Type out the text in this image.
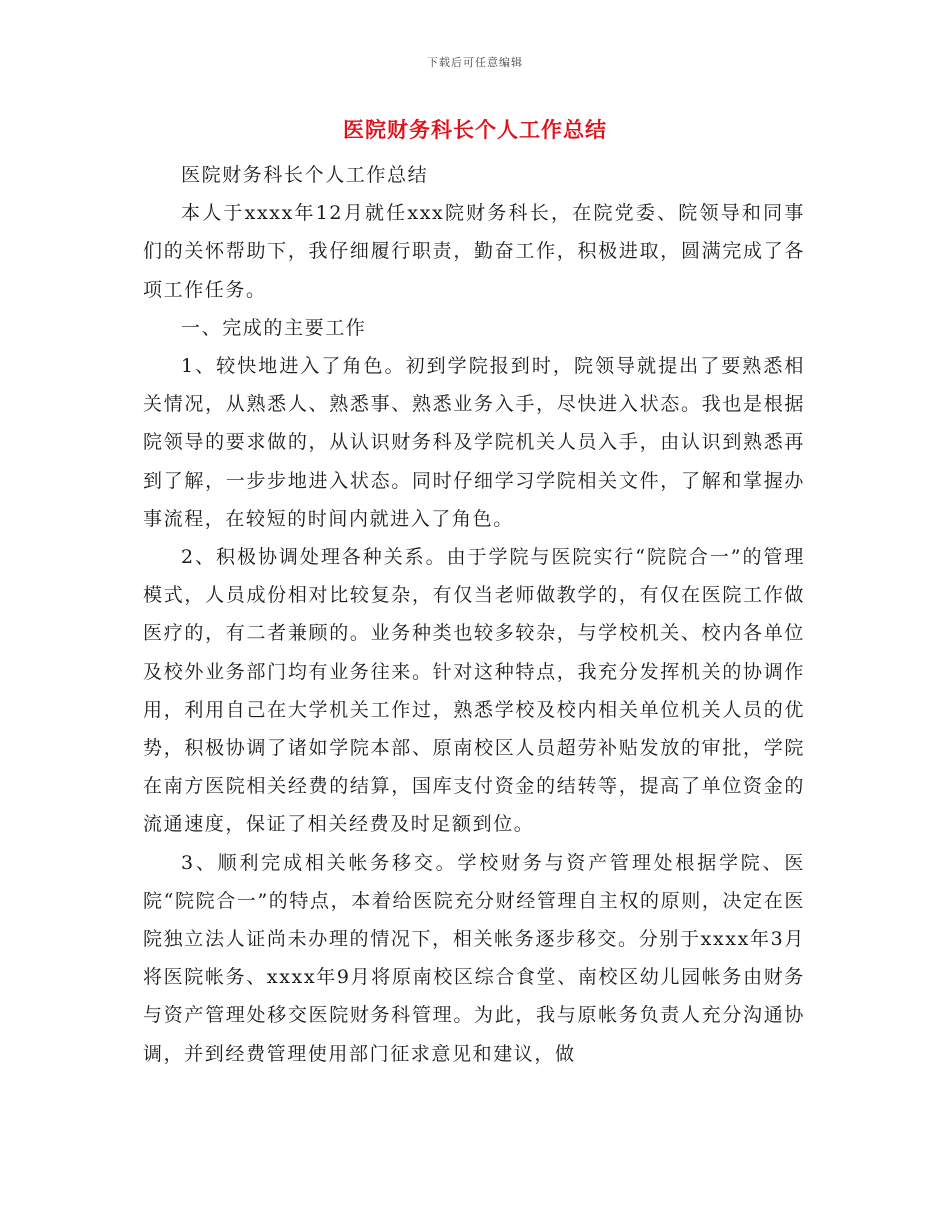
下载后可任意编辑
医院财务科长个人工作总结

医院财务科长个人工作总结

本人于xxxx年12月就任xxx院财务科长，在院党委、院领导和同事们的关怀帮助下，我仔细履行职责，勤奋工作，积极进取，圆满完成了各项工作任务。

一、完成的主要工作

1、较快地进入了角色。初到学院报到时，院领导就提出了要熟悉相关情况，从熟悉人、熟悉事、熟悉业务入手，尽快进入状态。我也是根据院领导的要求做的，从认识财务科及学院机关人员入手，由认识到熟悉再到了解，一步步地进入状态。同时仔细学习学院相关文件，了解和掌握办事流程，在较短的时间内就进入了角色。

2、积极协调处理各种关系。由于学院与医院实行“院院合一”的管理模式，人员成份相对比较复杂，有仅当老师做教学的，有仅在医院工作做医疗的，有二者兼顾的。业务种类也较多较杂，与学校机关、校内各单位及校外业务部门均有业务往来。针对这种特点，我充分发挥机关的协调作用，利用自己在大学机关工作过，熟悉学校及校内相关单位机关人员的优势，积极协调了诸如学院本部、原南校区人员超劳补贴发放的审批，学院在南方医院相关经费的结算，国库支付资金的结转等，提高了单位资金的流通速度，保证了相关经费及时足额到位。

3、顺利完成相关帐务移交。学校财务与资产管理处根据学院、医院“院院合一”的特点，本着给医院充分财经管理自主权的原则，决定在医院独立法人证尚未办理的情况下，相关帐务逐步移交。分别于xxxx年3月将医院帐务、xxxx年9月将原南校区综合食堂、南校区幼儿园帐务由财务与资产管理处移交医院财务科管理。为此，我与原帐务负责人充分沟通协调，并到经费管理使用部门征求意见和建议，做
